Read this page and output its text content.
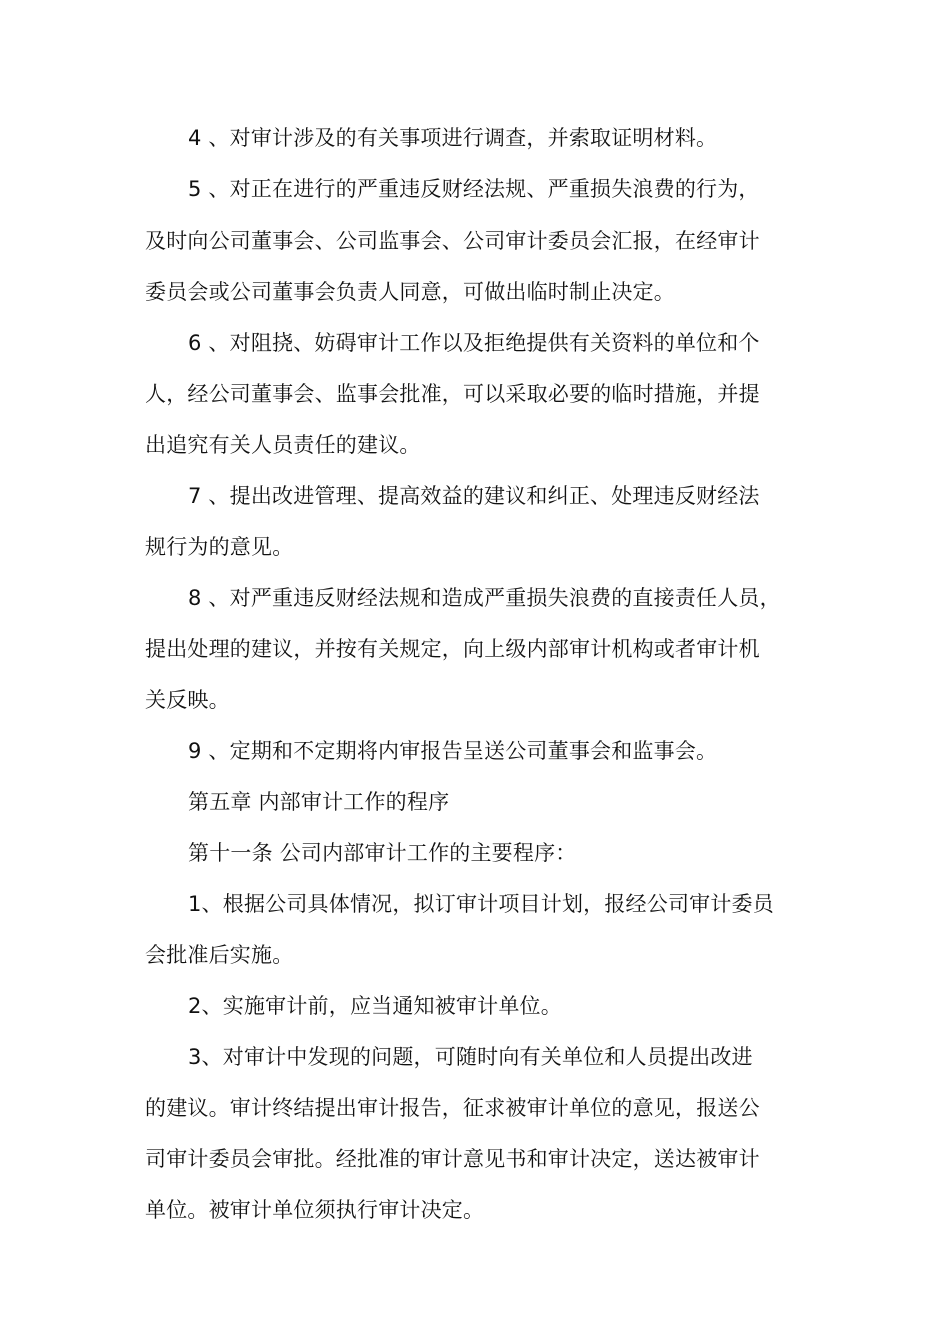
4 、对审计涉及的有关事项进行调查，并索取证明材料。
5 、对正在进行的严重违反财经法规、严重损失浪费的行为，
及时向公司董事会、公司监事会、公司审计委员会汇报，在经审计
委员会或公司董事会负责人同意，可做出临时制止决定。
6 、对阻挠、妨碍审计工作以及拒绝提供有关资料的单位和个
人，经公司董事会、监事会批准，可以采取必要的临时措施，并提
出追究有关人员责任的建议。
7 、提出改进管理、提高效益的建议和纠正、处理违反财经法
规行为的意见。
8 、对严重违反财经法规和造成严重损失浪费的直接责任人员，
提出处理的建议，并按有关规定，向上级内部审计机构或者审计机
关反映。
9 、定期和不定期将内审报告呈送公司董事会和监事会。
第五章 内部审计工作的程序
第十一条 公司内部审计工作的主要程序：
1、根据公司具体情况，拟订审计项目计划，报经公司审计委员
会批准后实施。
2、实施审计前，应当通知被审计单位。
3、对审计中发现的问题，可随时向有关单位和人员提出改进
的建议。审计终结提出审计报告，征求被审计单位的意见，报送公
司审计委员会审批。经批准的审计意见书和审计决定，送达被审计
单位。被审计单位须执行审计决定。
